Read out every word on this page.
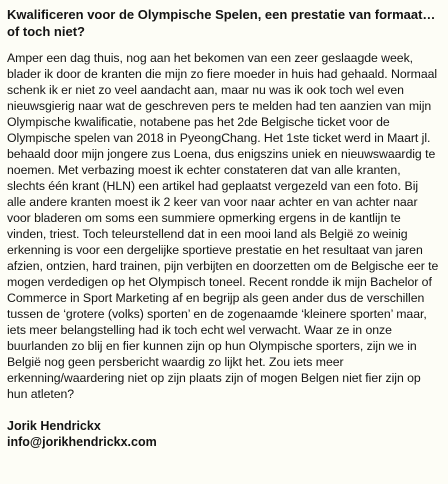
Kwalificeren voor de Olympische Spelen, een prestatie van formaat… of toch niet?

Amper een dag thuis, nog aan het bekomen van een zeer geslaagde week, blader ik door de kranten die mijn zo fiere moeder in huis had gehaald. Normaal schenk ik er niet zo veel aandacht aan, maar nu was ik ook toch wel even nieuwsgierig naar wat de geschreven pers te melden had ten aanzien van mijn Olympische kwalificatie, notabene pas het 2de Belgische ticket voor de Olympische spelen van 2018 in PyeongChang. Het 1ste ticket werd in Maart jl. behaald door mijn jongere zus Loena, dus enigszins uniek en nieuwswaardig te noemen. Met verbazing moest ik echter constateren dat van alle kranten, slechts één krant (HLN) een artikel had geplaatst vergezeld van een foto. Bij alle andere kranten moest ik 2 keer van voor naar achter en van achter naar voor bladeren om soms een summiere opmerking ergens in de kantlijn te vinden, triest. Toch teleurstellend dat in een mooi land als België zo weinig erkenning is voor een dergelijke sportieve prestatie en het resultaat van jaren afzien, ontzien, hard trainen, pijn verbijten en doorzetten om de Belgische eer te mogen verdedigen op het Olympisch toneel. Recent rondde ik mijn Bachelor of Commerce in Sport Marketing af en begrijp als geen ander dus de verschillen tussen de ‘grotere (volks) sporten’ en de zogenaamde ‘kleinere sporten’ maar, iets meer belangstelling had ik toch echt wel verwacht. Waar ze in onze buurlanden zo blij en fier kunnen zijn op hun Olympische sporters, zijn we in België nog geen persbericht waardig zo lijkt het. Zou iets meer erkenning/waardering niet op zijn plaats zijn of mogen Belgen niet fier zijn op hun atleten?

Jorik Hendrickx
info@jorikhendrickx.com
